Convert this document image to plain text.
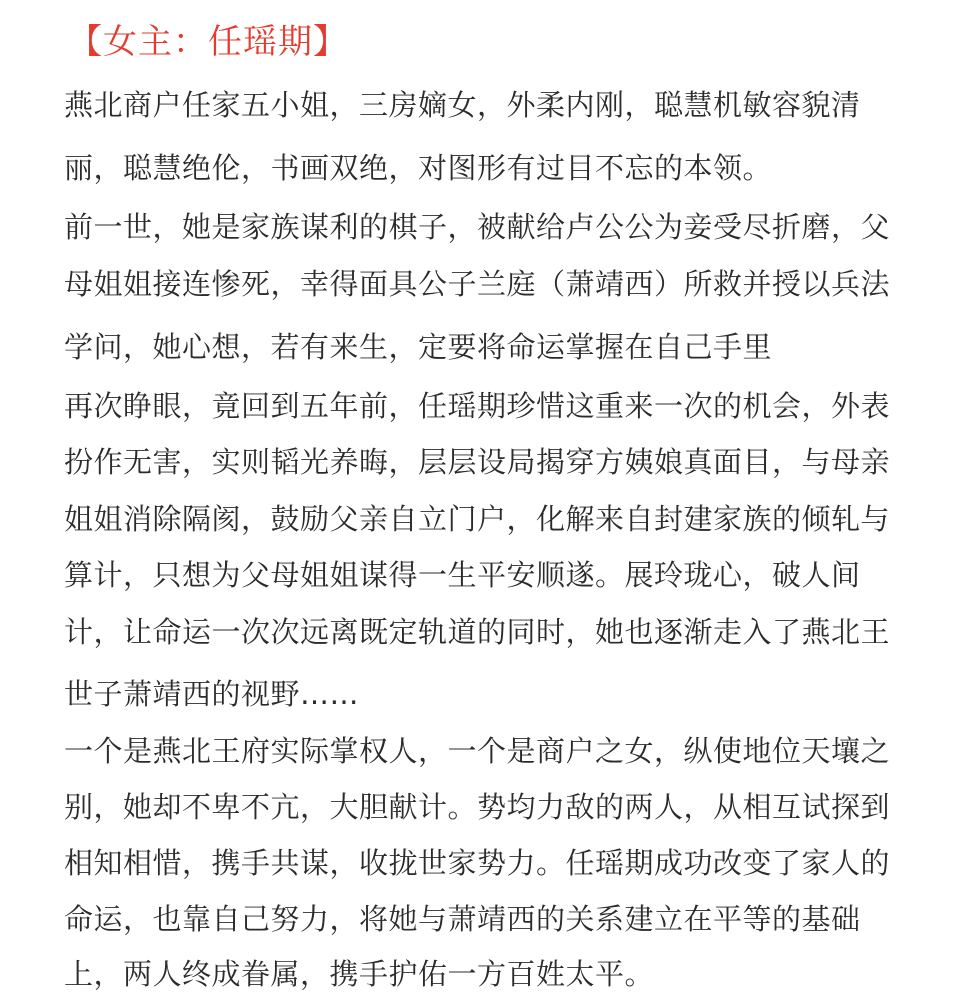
【女主：任瑶期】
燕北商户任家五小姐，三房嫡女，外柔内刚，聪慧机敏容貌清
丽，聪慧绝伦，书画双绝，对图形有过目不忘的本领。
前一世，她是家族谋利的棋子，被献给卢公公为妾受尽折磨，父
母姐姐接连惨死，幸得面具公子兰庭（萧靖西）所救并授以兵法
学问，她心想，若有来生，定要将命运掌握在自己手里
再次睁眼，竟回到五年前，任瑶期珍惜这重来一次的机会，外表
扮作无害，实则韬光养晦，层层设局揭穿方姨娘真面目，与母亲
姐姐消除隔阂，鼓励父亲自立门户，化解来自封建家族的倾轧与
算计，只想为父母姐姐谋得一生平安顺遂。展玲珑心，破人间
计，让命运一次次远离既定轨道的同时，她也逐渐走入了燕北王
世子萧靖西的视野……
一个是燕北王府实际掌权人，一个是商户之女，纵使地位天壤之
别，她却不卑不亢，大胆献计。势均力敌的两人，从相互试探到
相知相惜，携手共谋，收拢世家势力。任瑶期成功改变了家人的
命运，也靠自己努力，将她与萧靖西的关系建立在平等的基础
上，两人终成眷属，携手护佑一方百姓太平。
